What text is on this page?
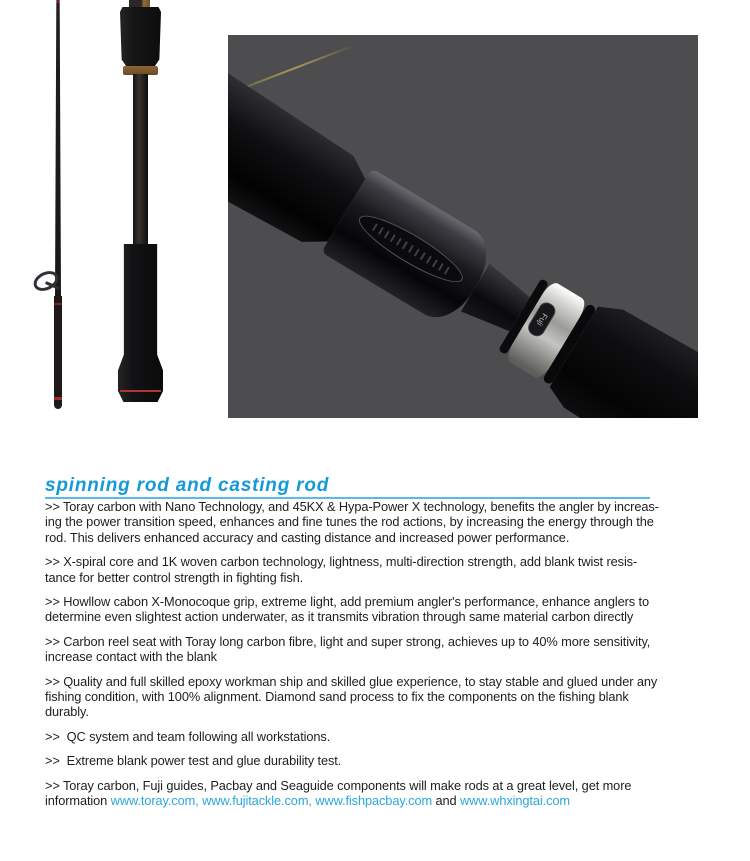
Fuji
spinning rod and casting rod
>> Toray carbon with Nano Technology, and 45KX & Hypa-Power X technology, benefits the angler by increas-
ing the power transition speed, enhances and fine tunes the rod actions, by increasing the energy through the
rod. This delivers enhanced accuracy and casting distance and increased power performance.
>> X-spiral core and 1K woven carbon technology, lightness, multi-direction strength, add blank twist resis-
tance for better control strength in fighting fish.
>> Howllow cabon X-Monocoque grip, extreme light, add premium angler's performance, enhance anglers to
determine even slightest action underwater, as it transmits vibration through same material carbon directly
>> Carbon reel seat with Toray long carbon fibre, light and super strong, achieves up to 40% more sensitivity,
increase contact with the blank
>> Quality and full skilled epoxy workman ship and skilled glue experience, to stay stable and glued under any
fishing condition, with 100% alignment. Diamond sand process to fix the components on the fishing blank
durably.
>>  QC system and team following all workstations.
>>  Extreme blank power test and glue durability test.
>> Toray carbon, Fuji guides, Pacbay and Seaguide components will make rods at a great level, get more
information www.toray.com, www.fujitackle.com, www.fishpacbay.com and www.whxingtai.com
